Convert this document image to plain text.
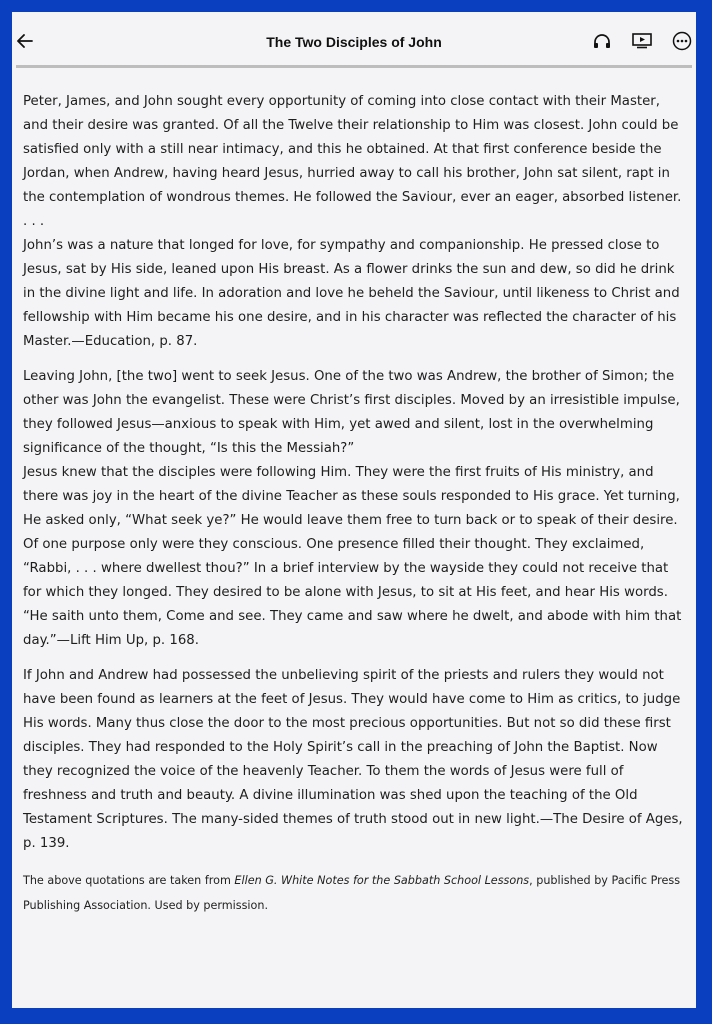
The Two Disciples of John

Peter, James, and John sought every opportunity of coming into close contact with their Master, and their desire was granted. Of all the Twelve their relationship to Him was closest. John could be satisfied only with a still near intimacy, and this he obtained. At that first conference beside the Jordan, when Andrew, having heard Jesus, hurried away to call his brother, John sat silent, rapt in the contemplation of wondrous themes. He followed the Saviour, ever an eager, absorbed listener. . . .

John’s was a nature that longed for love, for sympathy and companionship. He pressed close to Jesus, sat by His side, leaned upon His breast. As a flower drinks the sun and dew, so did he drink in the divine light and life. In adoration and love he beheld the Saviour, until likeness to Christ and fellowship with Him became his one desire, and in his character was reflected the character of his Master.—Education, p. 87.

Leaving John, [the two] went to seek Jesus. One of the two was Andrew, the brother of Simon; the other was John the evangelist. These were Christ’s first disciples. Moved by an irresistible impulse, they followed Jesus—anxious to speak with Him, yet awed and silent, lost in the overwhelming significance of the thought, “Is this the Messiah?”

Jesus knew that the disciples were following Him. They were the first fruits of His ministry, and there was joy in the heart of the divine Teacher as these souls responded to His grace. Yet turning, He asked only, “What seek ye?” He would leave them free to turn back or to speak of their desire.

Of one purpose only were they conscious. One presence filled their thought. They exclaimed, “Rabbi, . . . where dwellest thou?” In a brief interview by the wayside they could not receive that for which they longed. They desired to be alone with Jesus, to sit at His feet, and hear His words. “He saith unto them, Come and see. They came and saw where he dwelt, and abode with him that day.”—Lift Him Up, p. 168.

If John and Andrew had possessed the unbelieving spirit of the priests and rulers they would not have been found as learners at the feet of Jesus. They would have come to Him as critics, to judge His words. Many thus close the door to the most precious opportunities. But not so did these first disciples. They had responded to the Holy Spirit’s call in the preaching of John the Baptist. Now they recognized the voice of the heavenly Teacher. To them the words of Jesus were full of freshness and truth and beauty. A divine illumination was shed upon the teaching of the Old Testament Scriptures. The many-sided themes of truth stood out in new light.—The Desire of Ages, p. 139.

The above quotations are taken from Ellen G. White Notes for the Sabbath School Lessons, published by Pacific Press Publishing Association. Used by permission.
